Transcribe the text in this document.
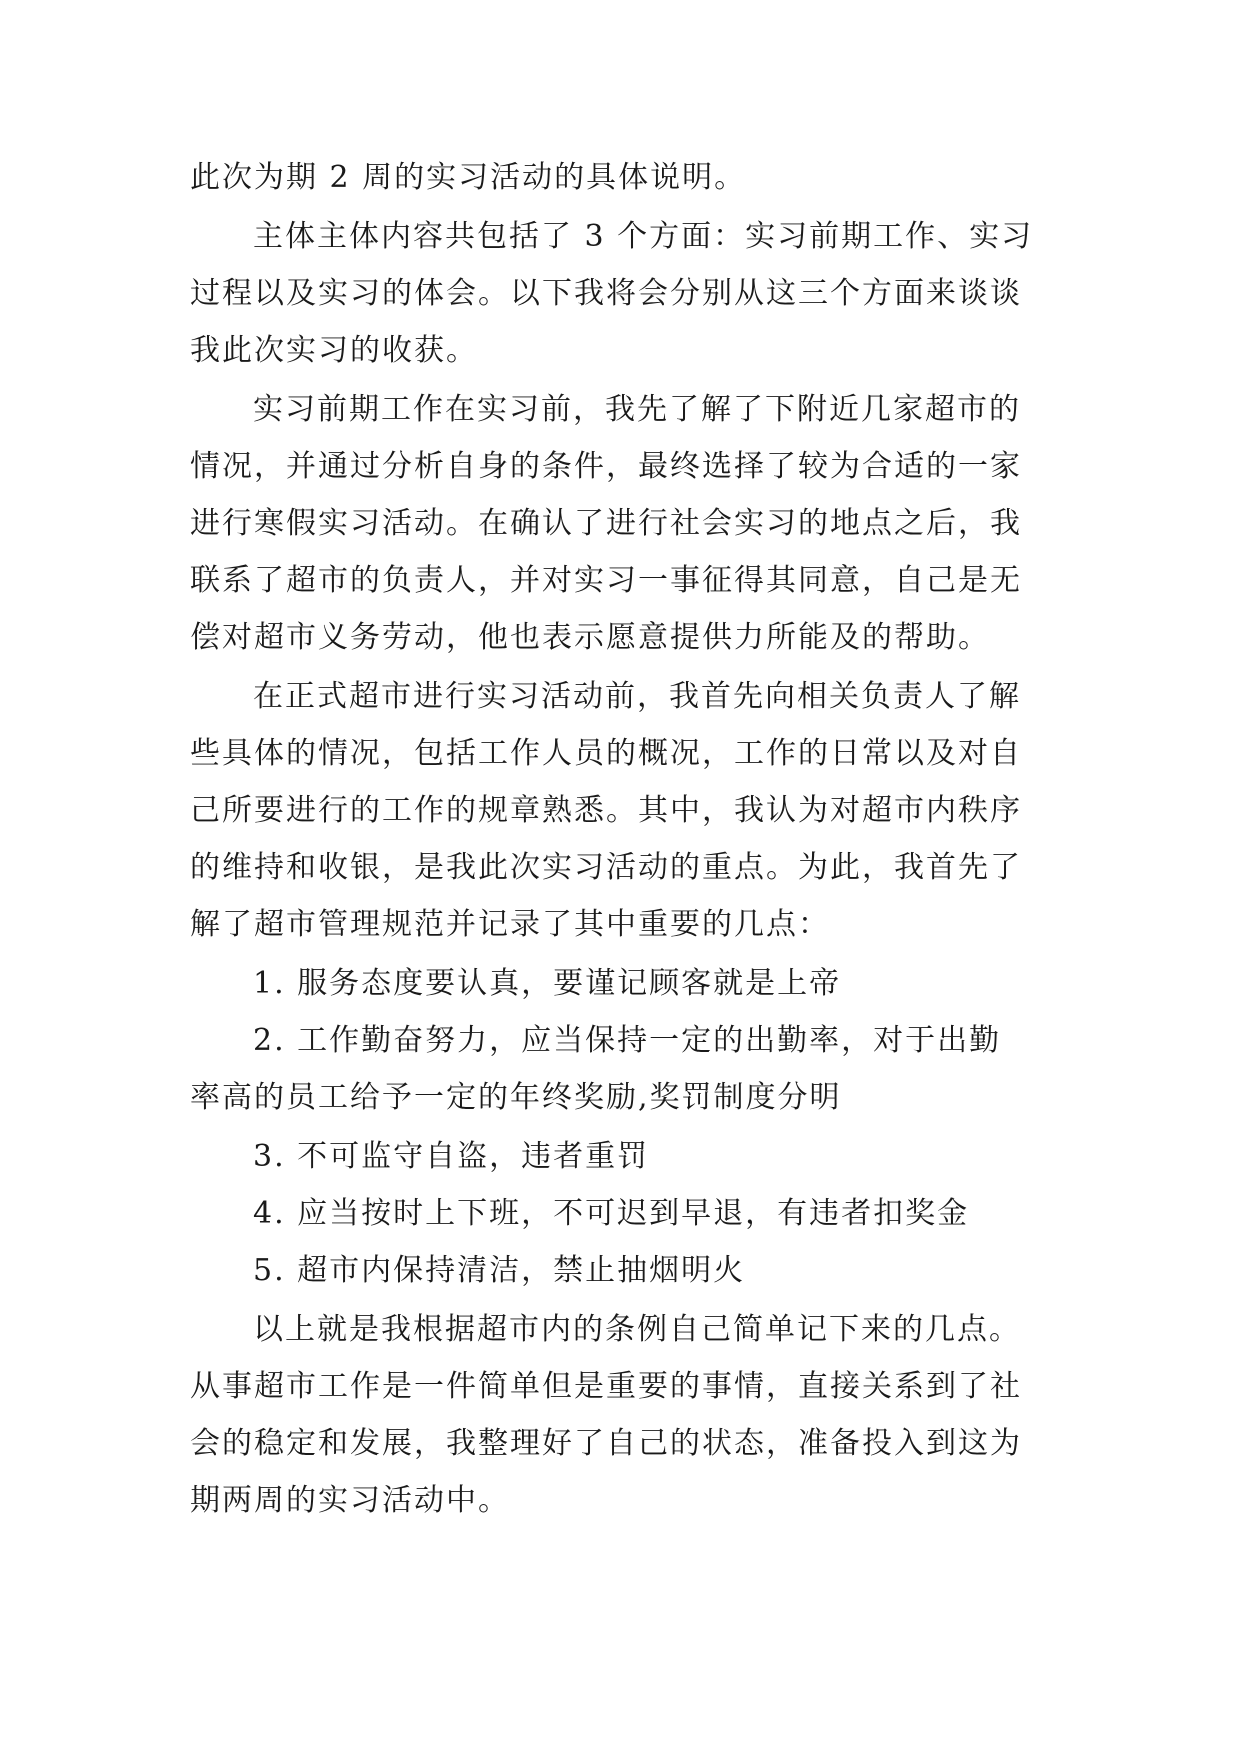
此次为期 2 周的实习活动的具体说明。
主体主体内容共包括了 3 个方面：实习前期工作、实习
过程以及实习的体会。以下我将会分别从这三个方面来谈谈
我此次实习的收获。
实习前期工作在实习前，我先了解了下附近几家超市的
情况，并通过分析自身的条件，最终选择了较为合适的一家
进行寒假实习活动。在确认了进行社会实习的地点之后，我
联系了超市的负责人，并对实习一事征得其同意，自己是无
偿对超市义务劳动，他也表示愿意提供力所能及的帮助。
在正式超市进行实习活动前，我首先向相关负责人了解
些具体的情况，包括工作人员的概况，工作的日常以及对自
己所要进行的工作的规章熟悉。其中，我认为对超市内秩序
的维持和收银，是我此次实习活动的重点。为此，我首先了
解了超市管理规范并记录了其中重要的几点：
1. 服务态度要认真，要谨记顾客就是上帝
2. 工作勤奋努力，应当保持一定的出勤率，对于出勤
率高的员工给予一定的年终奖励,奖罚制度分明
3. 不可监守自盗，违者重罚
4. 应当按时上下班，不可迟到早退，有违者扣奖金
5. 超市内保持清洁，禁止抽烟明火
以上就是我根据超市内的条例自己简单记下来的几点。
从事超市工作是一件简单但是重要的事情，直接关系到了社
会的稳定和发展，我整理好了自己的状态，准备投入到这为
期两周的实习活动中。
